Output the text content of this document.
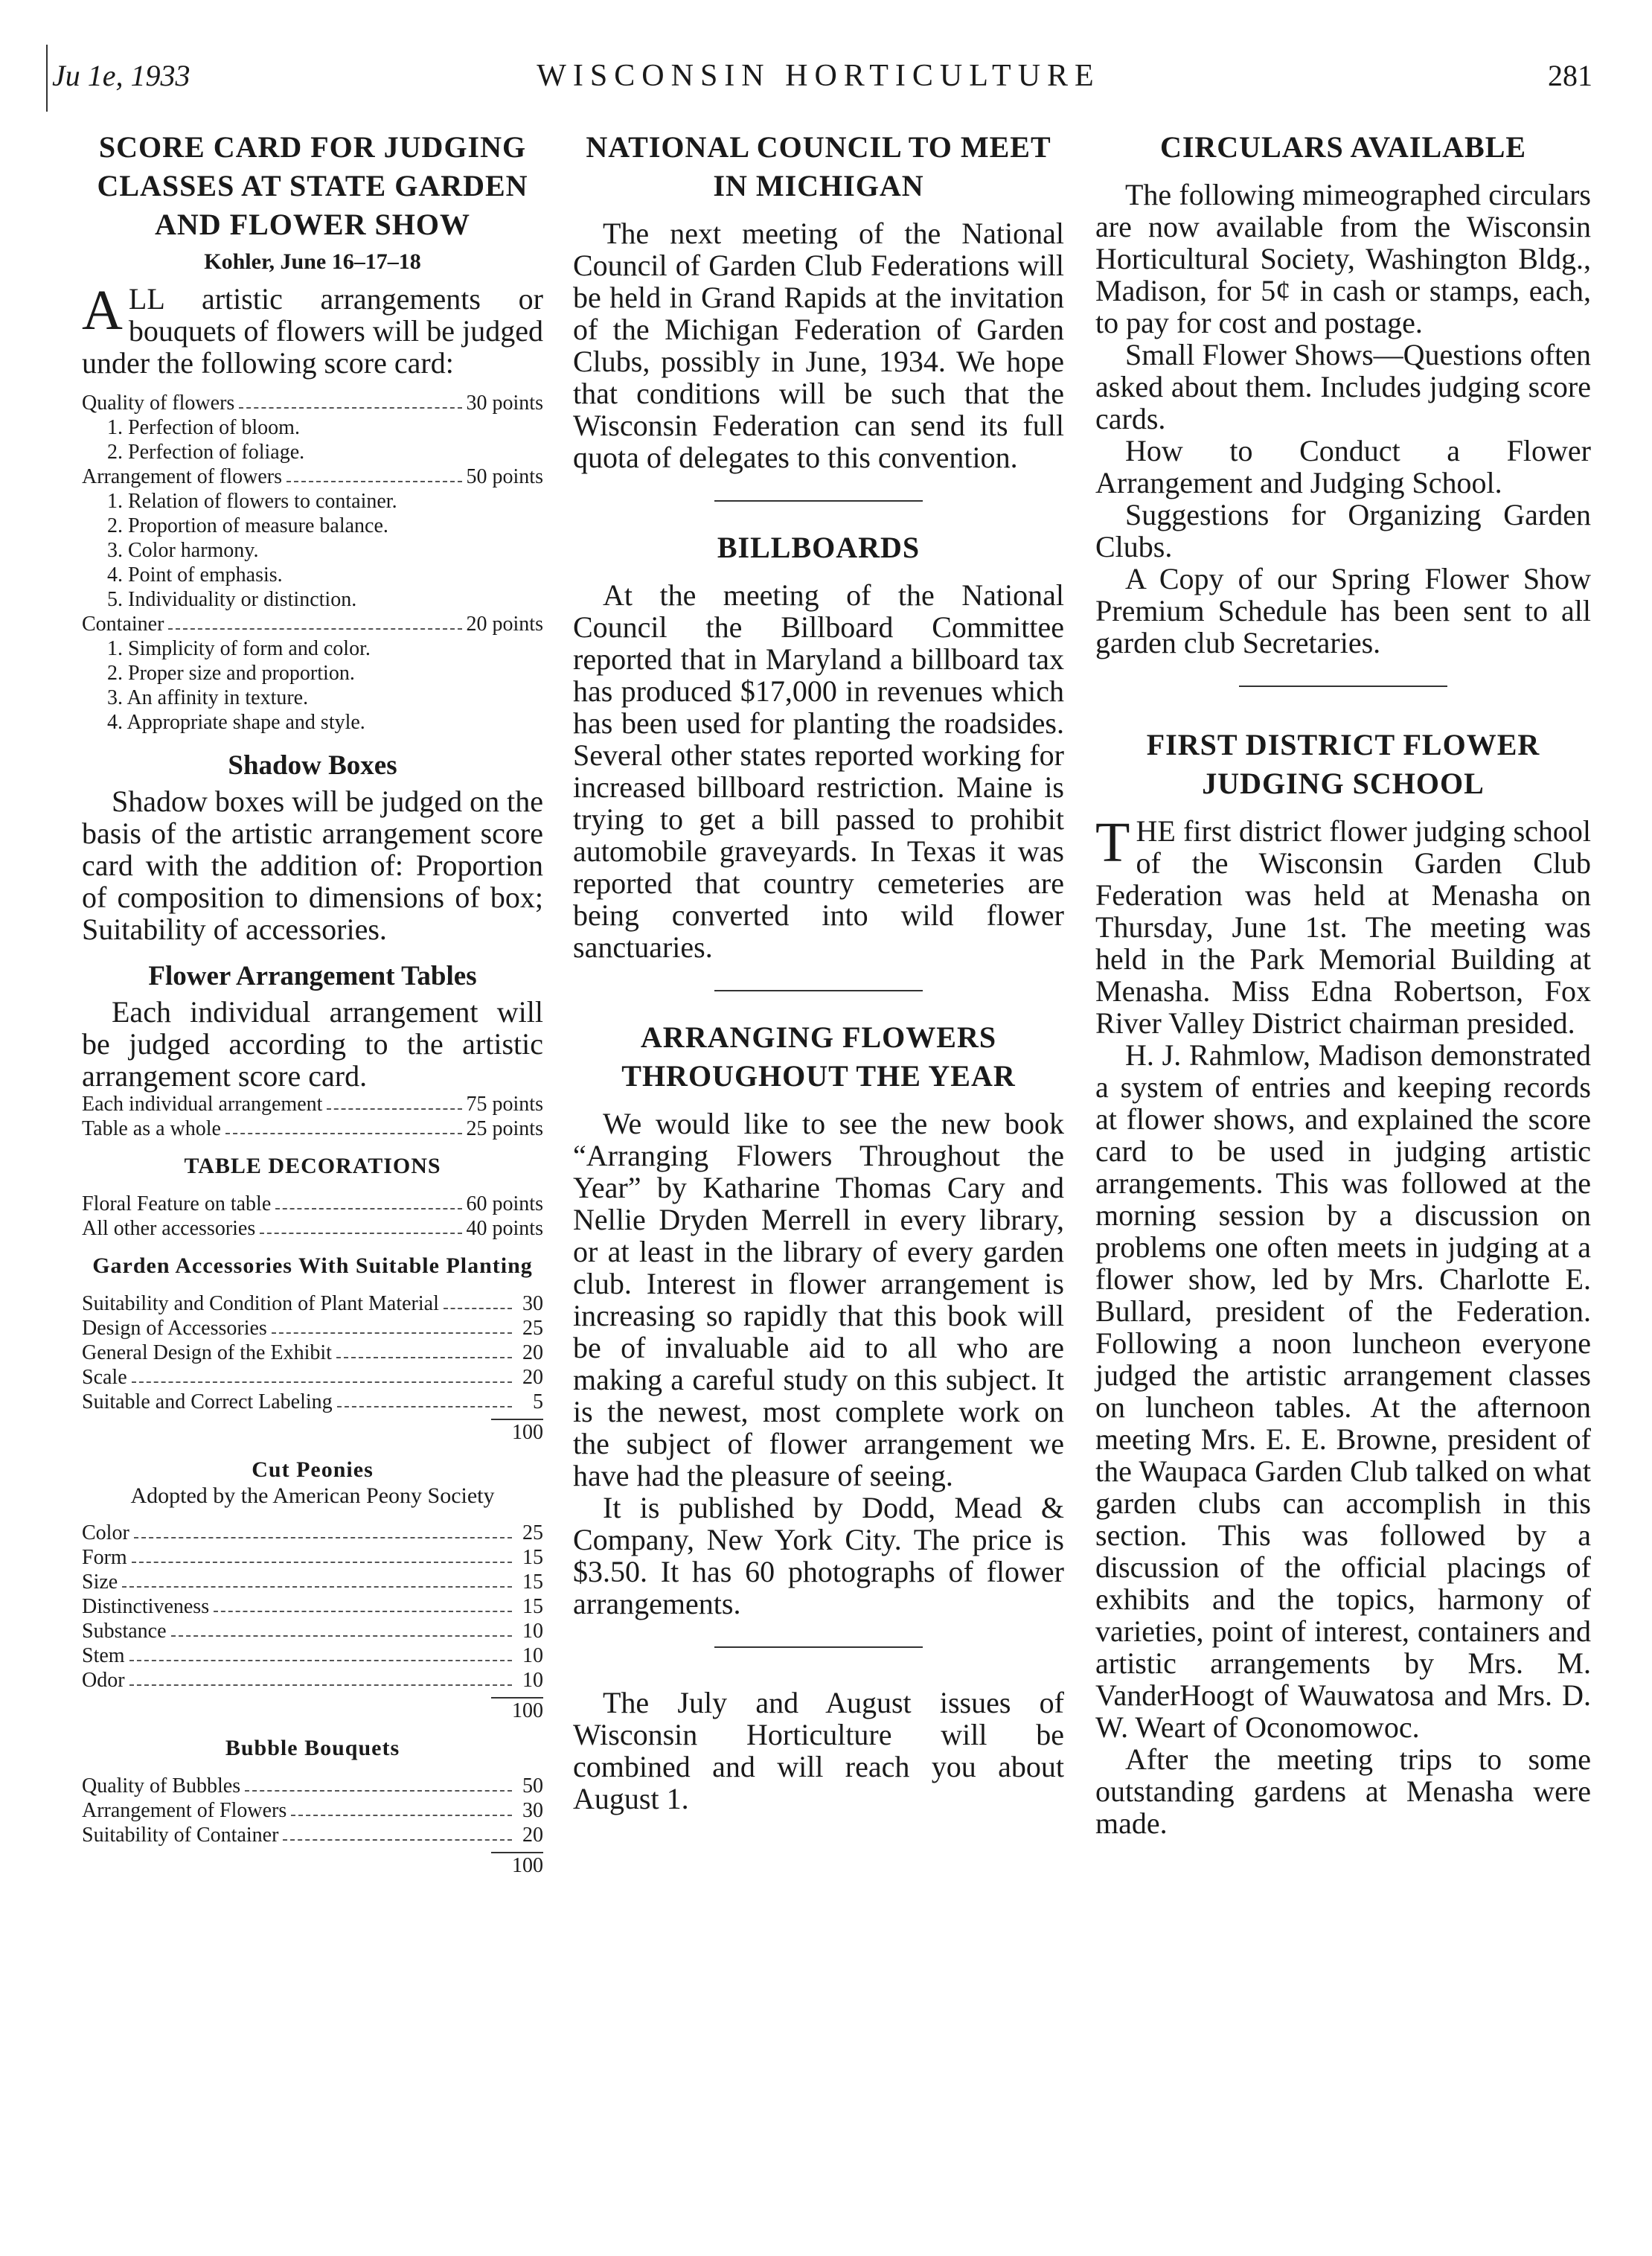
Ju 1e, 1933	WISCONSIN HORTICULTURE	281
SCORE CARD FOR JUDGING CLASSES AT STATE GARDEN AND FLOWER SHOW
Kohler, June 16–17–18

ALL artistic arrangements or bouquets of flowers will be judged under the following score card:

Quality of flowers	30 points
1. Perfection of bloom.
2. Perfection of foliage.
Arrangement of flowers	50 points
1. Relation of flowers to container.
2. Proportion of measure balance.
3. Color harmony.
4. Point of emphasis.
5. Individuality or distinction.
Container	20 points
1. Simplicity of form and color.
2. Proper size and proportion.
3. An affinity in texture.
4. Appropriate shape and style.
Shadow Boxes

Shadow boxes will be judged on the basis of the artistic arrangement score card with the addition of: Proportion of composition to dimensions of box; Suitability of accessories.

Flower Arrangement Tables

Each individual arrangement will be judged according to the artistic arrangement score card.

Each individual arrangement	75 points
Table as a whole	25 points
TABLE DECORATIONS
Floral Feature on table	60 points
All other accessories	40 points
Garden Accessories With Suitable Planting
Suitability and Condition of Plant Material	30
Design of Accessories	25
General Design of the Exhibit	20
Scale	20
Suitable and Correct Labeling	5
100
Cut Peonies
Adopted by the American Peony Society
Color	25
Form	15
Size	15
Distinctiveness	15
Substance	10
Stem	10
Odor	10
100
Bubble Bouquets
Quality of Bubbles	50
Arrangement of Flowers	30
Suitability of Container	20
100
NATIONAL COUNCIL TO MEET IN MICHIGAN

The next meeting of the National Council of Garden Club Federations will be held in Grand Rapids at the invitation of the Michigan Federation of Garden Clubs, possibly in June, 1934. We hope that conditions will be such that the Wisconsin Federation can send its full quota of delegates to this convention.

BILLBOARDS

At the meeting of the National Council the Billboard Committee reported that in Maryland a billboard tax has produced $17,000 in revenues which has been used for planting the roadsides. Several other states reported working for increased billboard restriction. Maine is trying to get a bill passed to prohibit automobile graveyards. In Texas it was reported that country cemeteries are being converted into wild flower sanctuaries.

ARRANGING FLOWERS THROUGHOUT THE YEAR

We would like to see the new book “Arranging Flowers Throughout the Year” by Katharine Thomas Cary and Nellie Dryden Merrell in every library, or at least in the library of every garden club. Interest in flower arrangement is increasing so rapidly that this book will be of invaluable aid to all who are making a careful study on this subject. It is the newest, most complete work on the subject of flower arrangement we have had the pleasure of seeing.

It is published by Dodd, Mead & Company, New York City. The price is $3.50. It has 60 photographs of flower arrangements.

The July and August issues of Wisconsin Horticulture will be combined and will reach you about August 1.

CIRCULARS AVAILABLE

The following mimeographed circulars are now available from the Wisconsin Horticultural Society, Washington Bldg., Madison, for 5¢ in cash or stamps, each, to pay for cost and postage.

Small Flower Shows—Questions often asked about them. Includes judging score cards.

How to Conduct a Flower Arrangement and Judging School.

Suggestions for Organizing Garden Clubs.

A Copy of our Spring Flower Show Premium Schedule has been sent to all garden club Secretaries.

FIRST DISTRICT FLOWER JUDGING SCHOOL

THE first district flower judging school of the Wisconsin Garden Club Federation was held at Menasha on Thursday, June 1st. The meeting was held in the Park Memorial Building at Menasha. Miss Edna Robertson, Fox River Valley District chairman presided.

H. J. Rahmlow, Madison demonstrated a system of entries and keeping records at flower shows, and explained the score card to be used in judging artistic arrangements. This was followed at the morning session by a discussion on problems one often meets in judging at a flower show, led by Mrs. Charlotte E. Bullard, president of the Federation. Following a noon luncheon everyone judged the artistic arrangement classes on luncheon tables. At the afternoon meeting Mrs. E. E. Browne, president of the Waupaca Garden Club talked on what garden clubs can accomplish in this section. This was followed by a discussion of the official placings of exhibits and the topics, harmony of varieties, point of interest, containers and artistic arrangements by Mrs. M. VanderHoogt of Wauwatosa and Mrs. D. W. Weart of Oconomowoc.

After the meeting trips to some outstanding gardens at Menasha were made.
